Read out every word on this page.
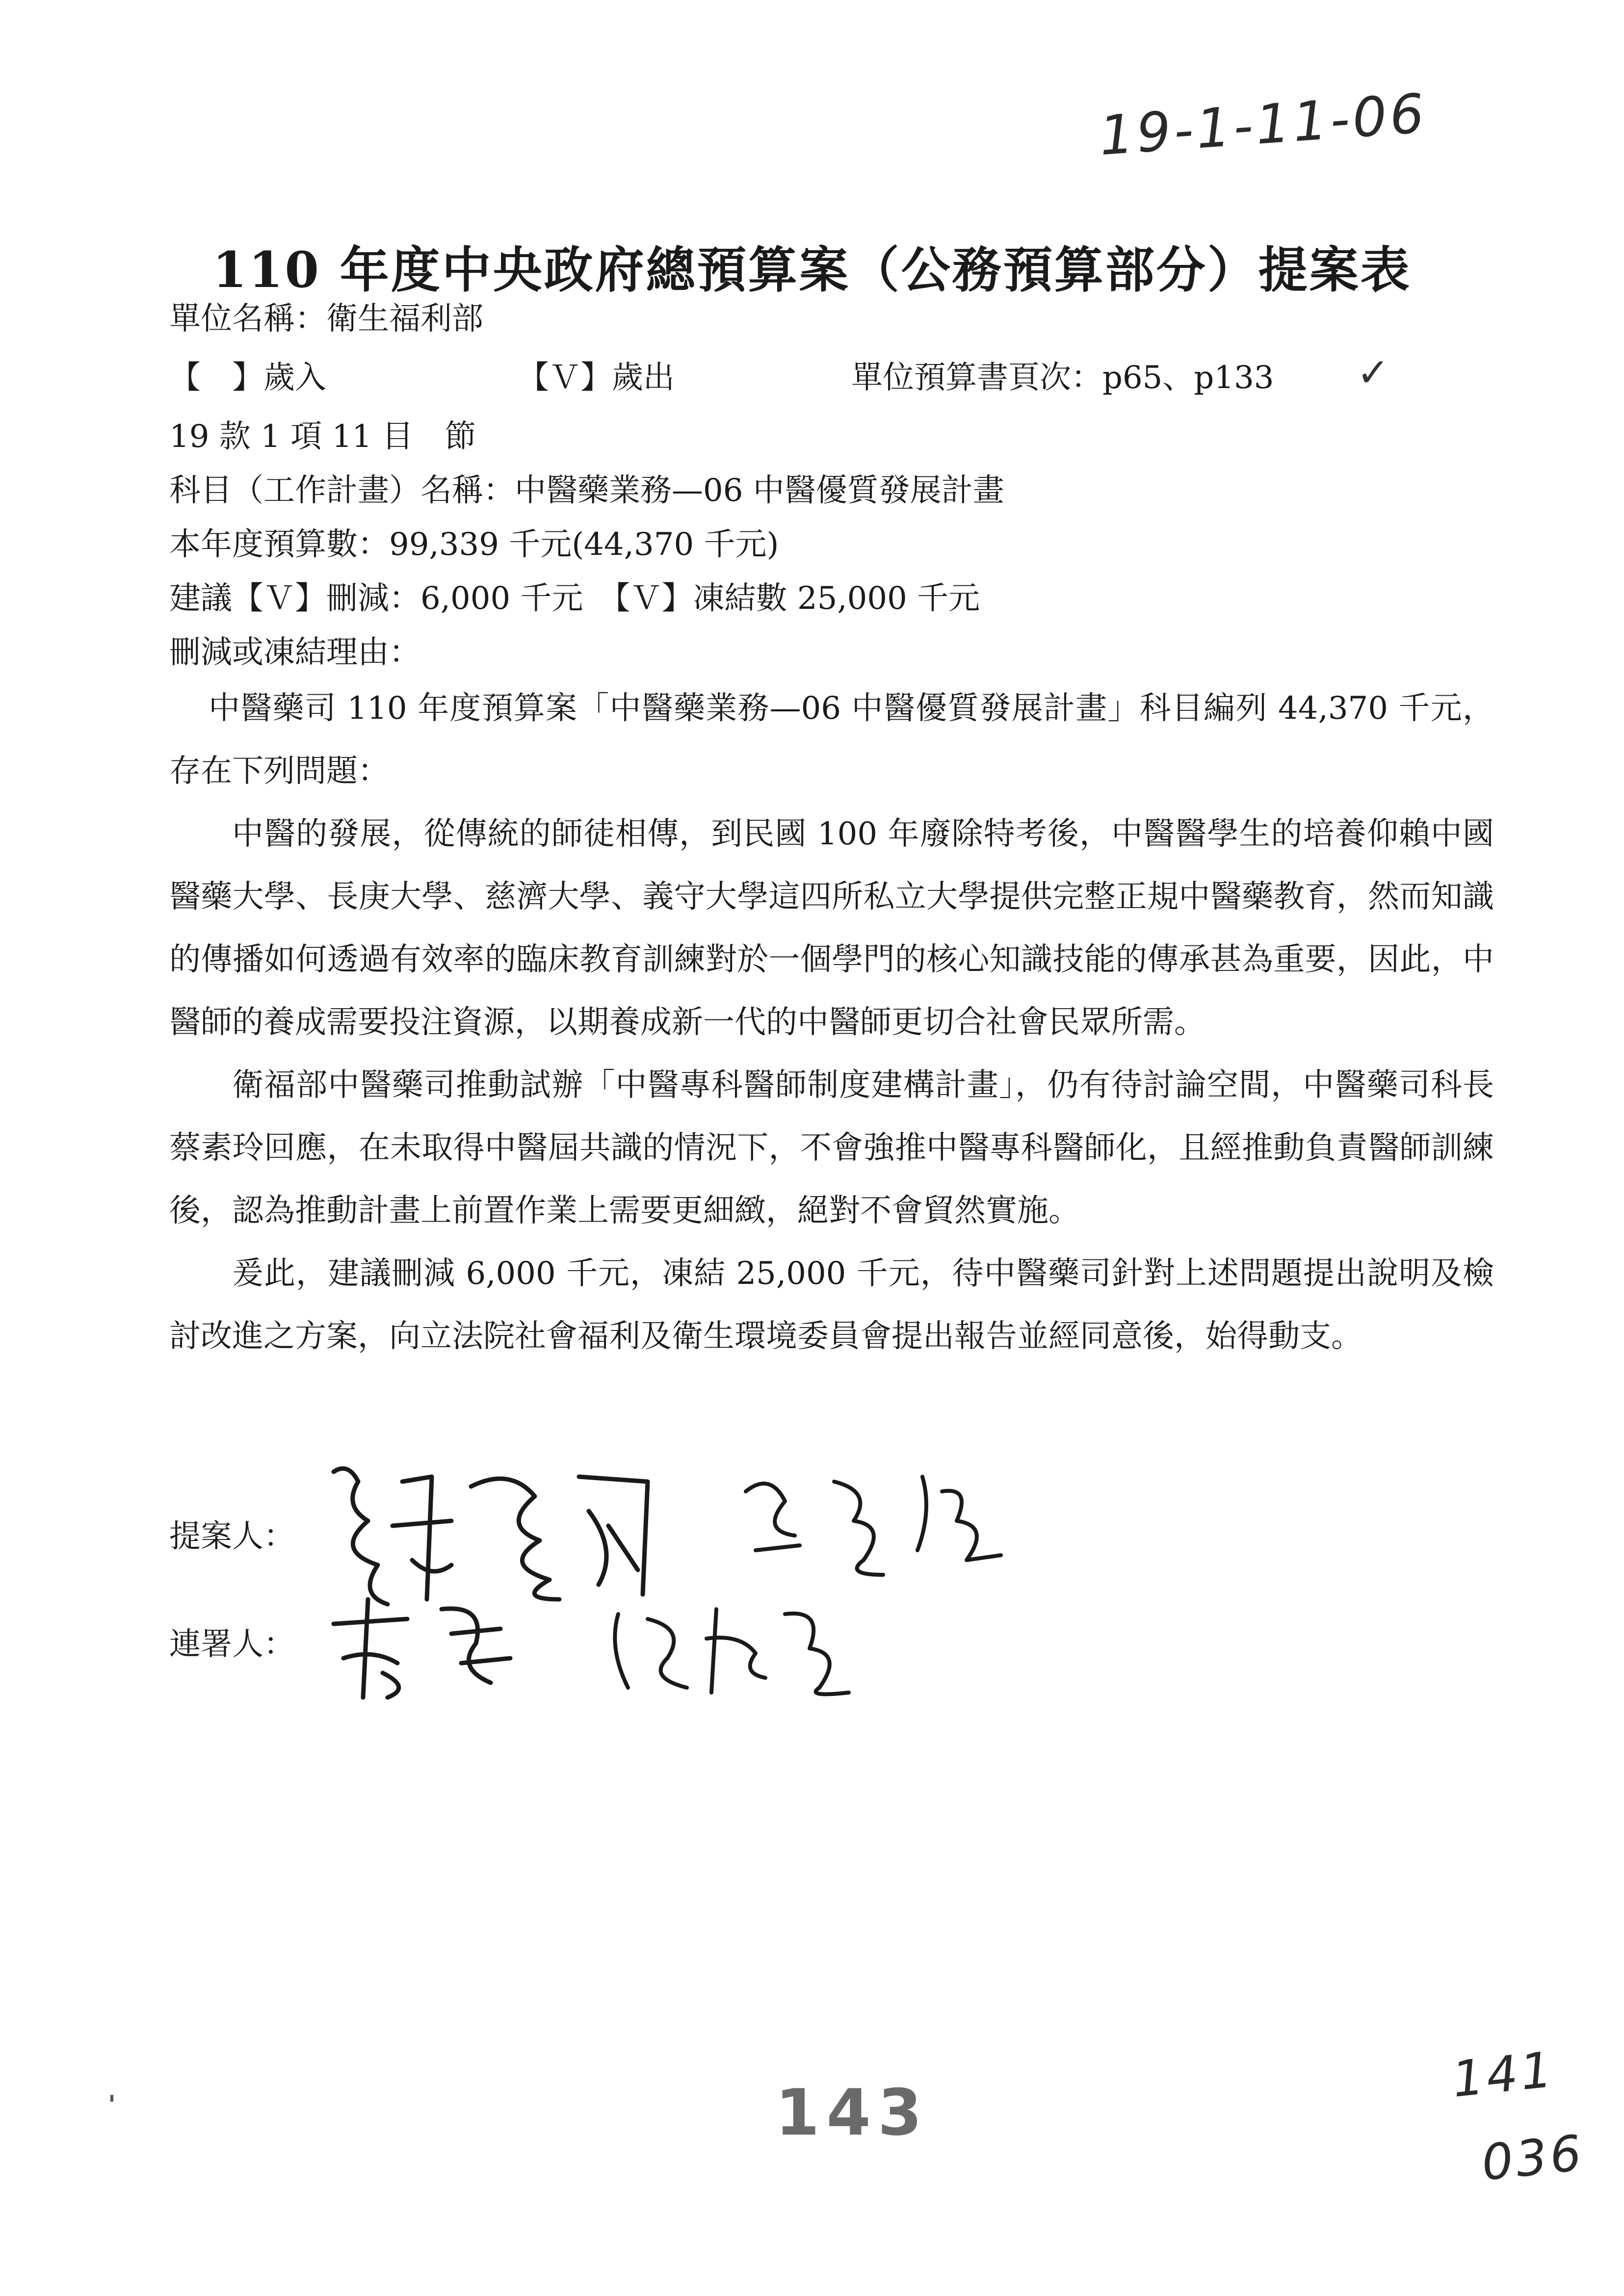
19-1-11-06
110 年度中央政府總預算案（公務預算部分）提案表
單位名稱：衛生福利部
【　】歲入	【Ｖ】歲出	單位預算書頁次：p65、p133 ✓
19 款 1 項 11 目　節
科目（工作計畫）名稱：中醫藥業務—06 中醫優質發展計畫
本年度預算數：99,339 千元(44,370 千元)
建議【Ｖ】刪減：6,000 千元　【Ｖ】凍結數 25,000 千元
刪減或凍結理由：
中醫藥司 110 年度預算案「中醫藥業務—06 中醫優質發展計畫」科目編列 44,370 千元，存在下列問題：
中醫的發展，從傳統的師徒相傳，到民國 100 年廢除特考後，中醫醫學生的培養仰賴中國醫藥大學、長庚大學、慈濟大學、義守大學這四所私立大學提供完整正規中醫藥教育，然而知識的傳播如何透過有效率的臨床教育訓練對於一個學門的核心知識技能的傳承甚為重要，因此，中醫師的養成需要投注資源，以期養成新一代的中醫師更切合社會民眾所需。
衛福部中醫藥司推動試辦「中醫專科醫師制度建構計畫」，仍有待討論空間，中醫藥司科長蔡素玲回應，在未取得中醫屆共識的情況下，不會強推中醫專科醫師化，且經推動負責醫師訓練後，認為推動計畫上前置作業上需要更細緻，絕對不會貿然實施。
爰此，建議刪減 6,000 千元，凍結 25,000 千元，待中醫藥司針對上述問題提出說明及檢討改進之方案，向立法院社會福利及衛生環境委員會提出報告並經同意後，始得動支。
提案人：
連署人：
143
141
036
